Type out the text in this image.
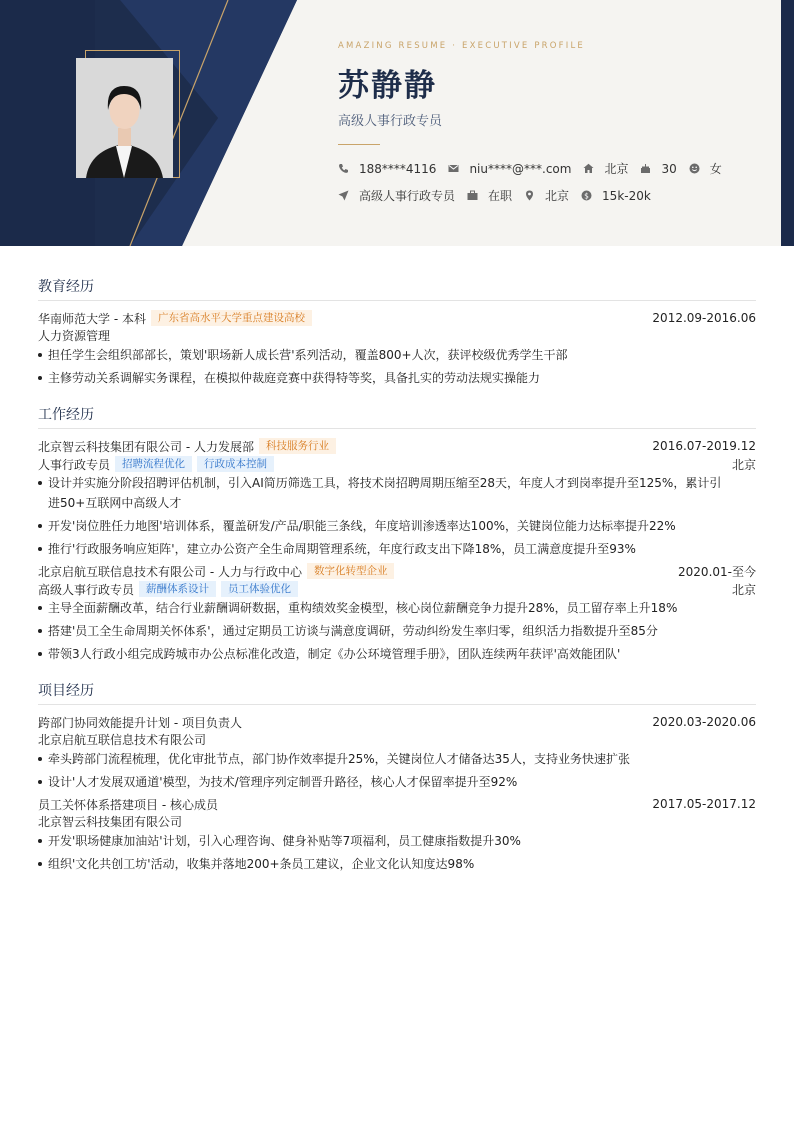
AMAZING RESUME · EXECUTIVE PROFILE
苏静静
高级人事行政专员
188****4116	niu****@***.com	北京	30	女
高级人事行政专员	在职	北京 $ 15k-20k
教育经历
华南师范大学 - 本科	广东省高水平大学重点建设高校	2012.09-2016.06
人力资源管理
担任学生会组织部部长，策划'职场新人成长营'系列活动，覆盖800+人次，获评校级优秀学生干部
主修劳动关系调解实务课程，在模拟仲裁庭竞赛中获得特等奖，具备扎实的劳动法规实操能力
工作经历
北京智云科技集团有限公司 - 人力发展部	科技服务行业	2016.07-2019.12
人事行政专员	招聘流程优化	行政成本控制	北京
设计并实施分阶段招聘评估机制，引入AI简历筛选工具，将技术岗招聘周期压缩至28天，年度人才到岗率提升至125%，累计引进50+互联网中高级人才
开发'岗位胜任力地图'培训体系，覆盖研发/产品/职能三条线，年度培训渗透率达100%，关键岗位能力达标率提升22%
推行'行政服务响应矩阵'，建立办公资产全生命周期管理系统，年度行政支出下降18%，员工满意度提升至93%
北京启航互联信息技术有限公司 - 人力与行政中心	数字化转型企业	2020.01-至今
高级人事行政专员	薪酬体系设计	员工体验优化	北京
主导全面薪酬改革，结合行业薪酬调研数据，重构绩效奖金模型，核心岗位薪酬竞争力提升28%，员工留存率上升18%
搭建'员工全生命周期关怀体系'，通过定期员工访谈与满意度调研，劳动纠纷发生率归零，组织活力指数提升至85分
带领3人行政小组完成跨城市办公点标准化改造，制定《办公环境管理手册》，团队连续两年获评'高效能团队'
项目经历
跨部门协同效能提升计划 - 项目负责人	2020.03-2020.06
北京启航互联信息技术有限公司
牵头跨部门流程梳理，优化审批节点，部门协作效率提升25%，关键岗位人才储备达35人，支持业务快速扩张
设计'人才发展双通道'模型，为技术/管理序列定制晋升路径，核心人才保留率提升至92%
员工关怀体系搭建项目 - 核心成员	2017.05-2017.12
北京智云科技集团有限公司
开发'职场健康加油站'计划，引入心理咨询、健身补贴等7项福利，员工健康指数提升30%
组织'文化共创工坊'活动，收集并落地200+条员工建议，企业文化认知度达98%
